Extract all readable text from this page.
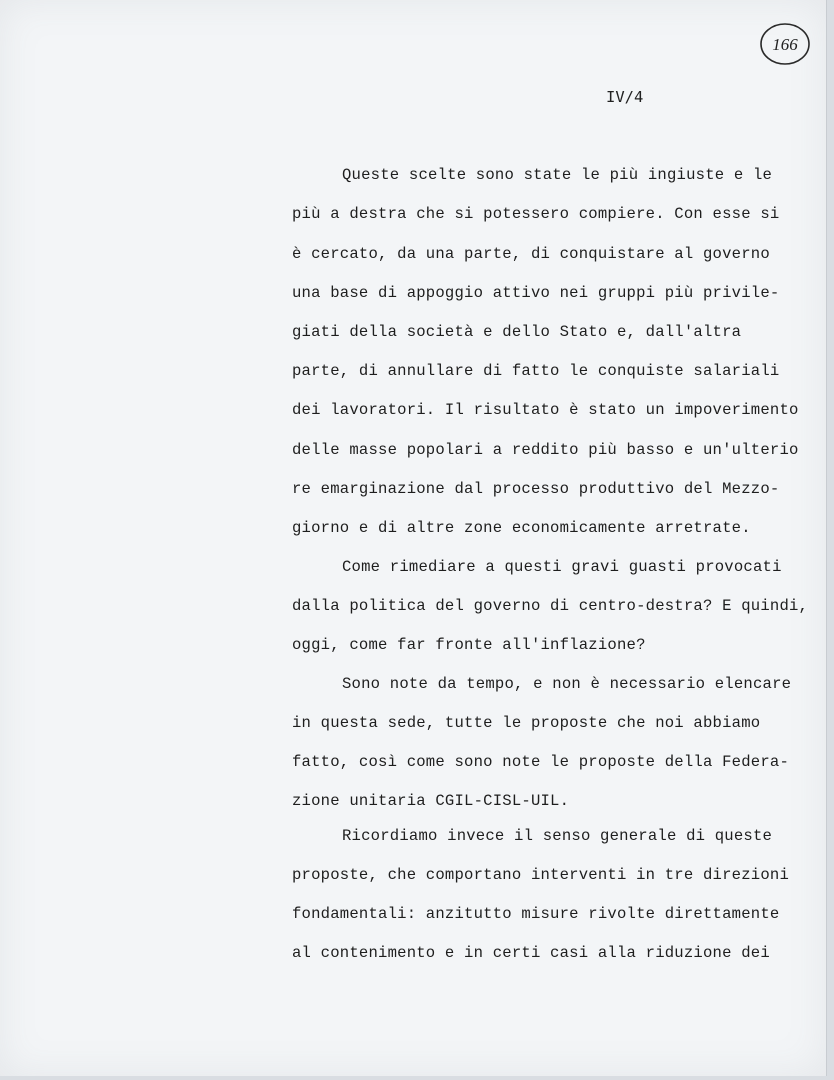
166
IV/4
Queste scelte sono state le più ingiuste e le
più a destra che si potessero compiere. Con esse si
è cercato, da una parte, di conquistare al governo
una base di appoggio attivo nei gruppi più privile-
giati della società e dello Stato e, dall'altra
parte, di annullare di fatto le conquiste salariali
dei lavoratori. Il risultato è stato un impoverimento
delle masse popolari a reddito più basso e un'ulterio
re emarginazione dal processo produttivo del Mezzo-
giorno e di altre zone economicamente arretrate.
Come rimediare a questi gravi guasti provocati
dalla politica del governo di centro-destra? E quindi,
oggi, come far fronte all'inflazione?
Sono note da tempo, e non è necessario elencare
in questa sede, tutte le proposte che noi abbiamo
fatto, così come sono note le proposte della Federa-
zione unitaria CGIL-CISL-UIL.
Ricordiamo invece il senso generale di queste
proposte, che comportano interventi in tre direzioni
fondamentali: anzitutto misure rivolte direttamente
al contenimento e in certi casi alla riduzione dei
